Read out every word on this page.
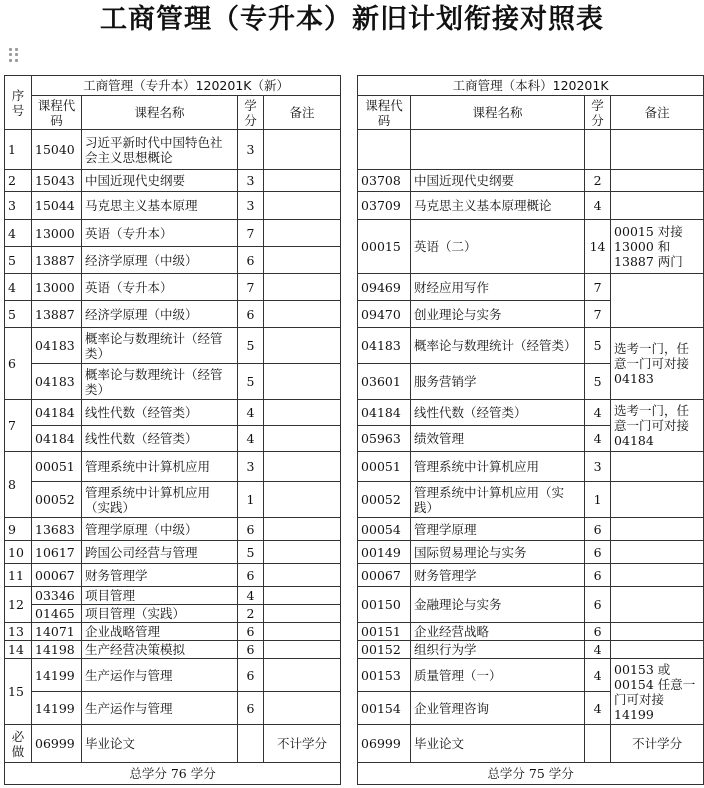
工商管理（专升本）新旧计划衔接对照表
序号	工商管理（专升本）120201K（新）					工商管理（本科）120201K			
	课程代码	课程名称	学分	备注		课程代码	课程名称	学分	备注
1	15040	习近平新时代中国特色社会主义思想概论	3						
2	15043	中国近现代史纲要	3			03708	中国近现代史纲要	2	
3	15044	马克思主义基本原理	3			03709	马克思主义基本原理概论	4	
4	13000	英语（专升本）	7			00015	英语（二）	14	00015 对接 13000 和 13887 两门
5	13887	经济学原理（中级）	6						
4	13000	英语（专升本）	7			09469	财经应用写作	7	
5	13887	经济学原理（中级）	6			09470	创业理论与实务	7	
6	04183	概率论与数理统计（经管类）	5			04183	概率论与数理统计（经管类）	5	选考一门，任意一门可对接 04183
	04183	概率论与数理统计（经管类）	5			03601	服务营销学	5	
7	04184	线性代数（经管类）	4			04184	线性代数（经管类）	4	选考一门，任意一门可对接 04184
	04184	线性代数（经管类）	4			05963	绩效管理	4	
8	00051	管理系统中计算机应用	3			00051	管理系统中计算机应用	3	
	00052	管理系统中计算机应用（实践）	1			00052	管理系统中计算机应用（实践）	1	
9	13683	管理学原理（中级）	6			00054	管理学原理	6	
10	10617	跨国公司经营与管理	5			00149	国际贸易理论与实务	6	
11	00067	财务管理学	6			00067	财务管理学	6	
12	03346	项目管理	4			00150	金融理论与实务	6	
	01465	项目管理（实践）	2						
13	14071	企业战略管理	6			00151	企业经营战略	6	
14	14198	生产经营决策模拟	6			00152	组织行为学	4	
15	14199	生产运作与管理	6			00153	质量管理（一）	4	00153 或 00154 任意一门可对接 14199
	14199	生产运作与管理	6			00154	企业管理咨询	4	
必做	06999	毕业论文		不计学分		06999	毕业论文		不计学分
总学分 76 学分						总学分 75 学分			
